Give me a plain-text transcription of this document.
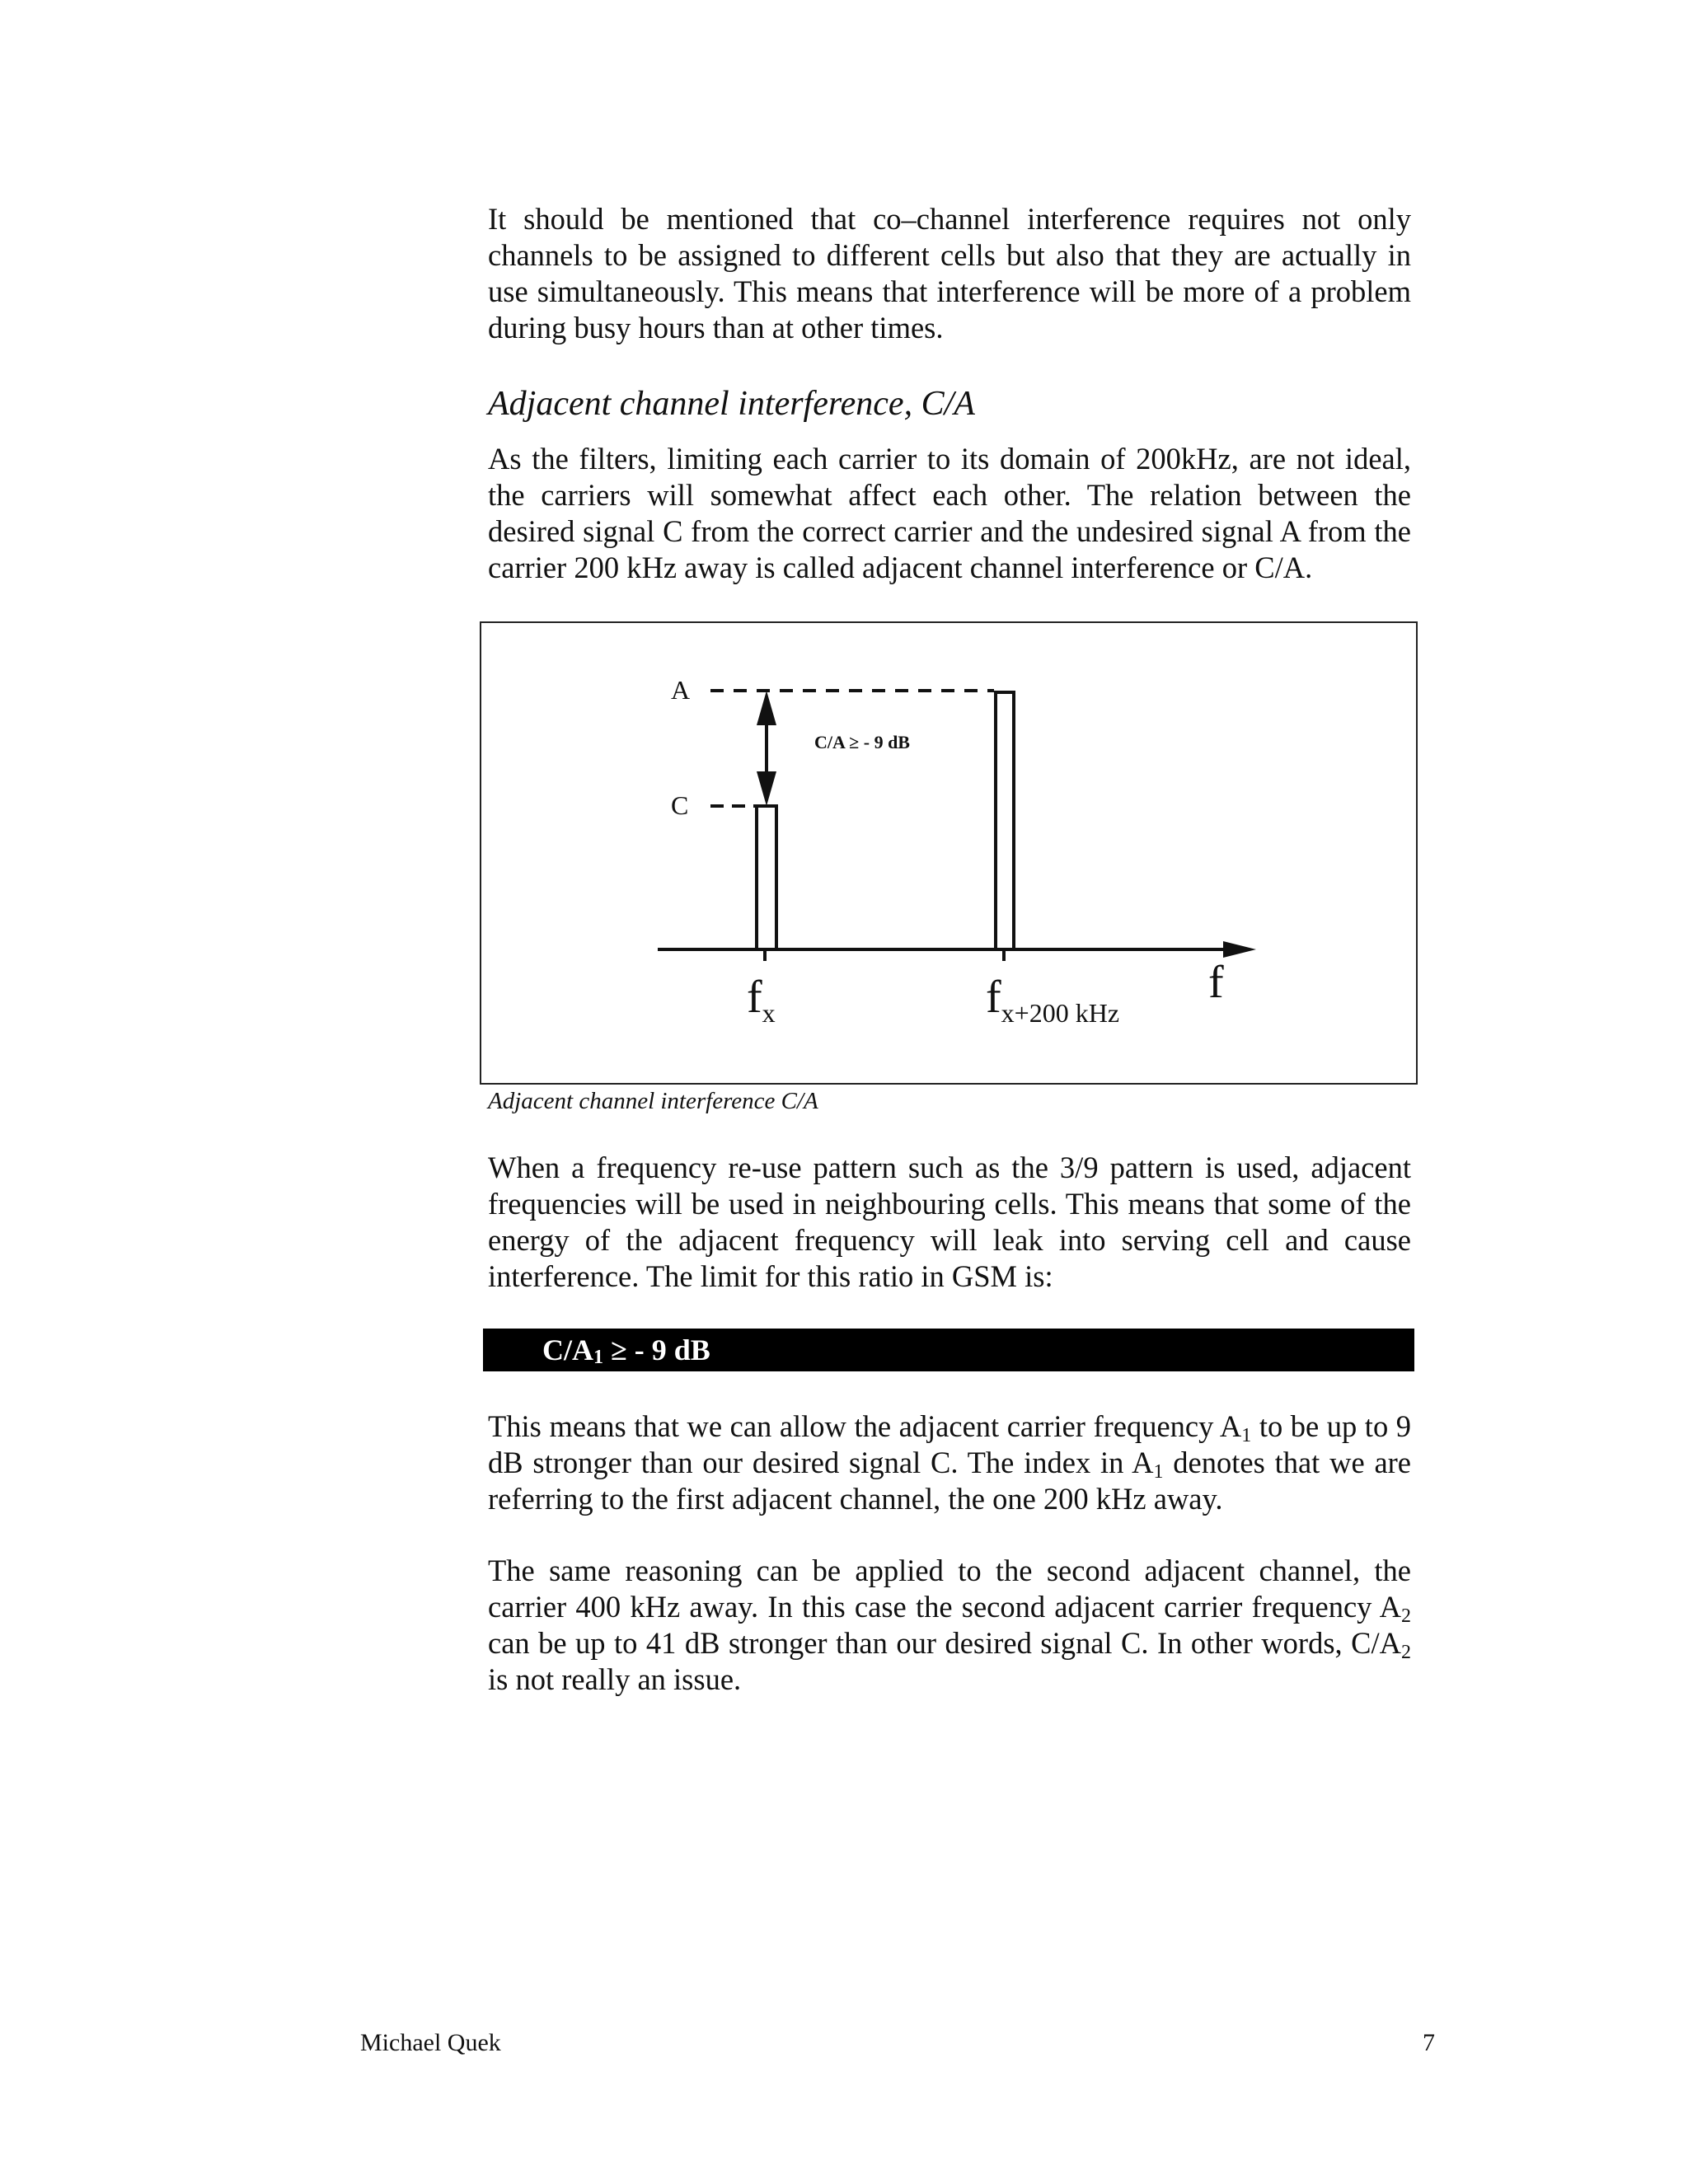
It should be mentioned that co–channel interference requires not only channels to be assigned to different cells but also that they are actually in use simultaneously. This means that interference will be more of a problem during busy hours than at other times.

Adjacent channel interference, C/A

As the filters, limiting each carrier to its domain of 200kHz, are not ideal, the carriers will somewhat affect each other. The relation between the desired signal C from the correct carrier and the undesired signal A from the carrier 200 kHz away is called adjacent channel interference or C/A.

A
C
C/A ≥ - 9 dB
$f_x$	$f_{x+200 kHz}$
f
Adjacent channel interference C/A

When a frequency re-use pattern such as the 3/9 pattern is used, adjacent frequencies will be used in neighbouring cells. This means that some of the energy of the adjacent frequency will leak into serving cell and cause interference. The limit for this ratio in GSM is:

$C/A_1$ ≥ - 9 dB

This means that we can allow the adjacent carrier frequency $A_1$ to be up to 9 dB stronger than our desired signal C. The index in $A_1$ denotes that we are referring to the first adjacent channel, the one 200 kHz away.

The same reasoning can be applied to the second adjacent channel, the carrier 400 kHz away. In this case the second adjacent carrier frequency $A_2$ can be up to 41 dB stronger than our desired signal C. In other words, $C/A_2$ is not really an issue.

Michael Quek	7
